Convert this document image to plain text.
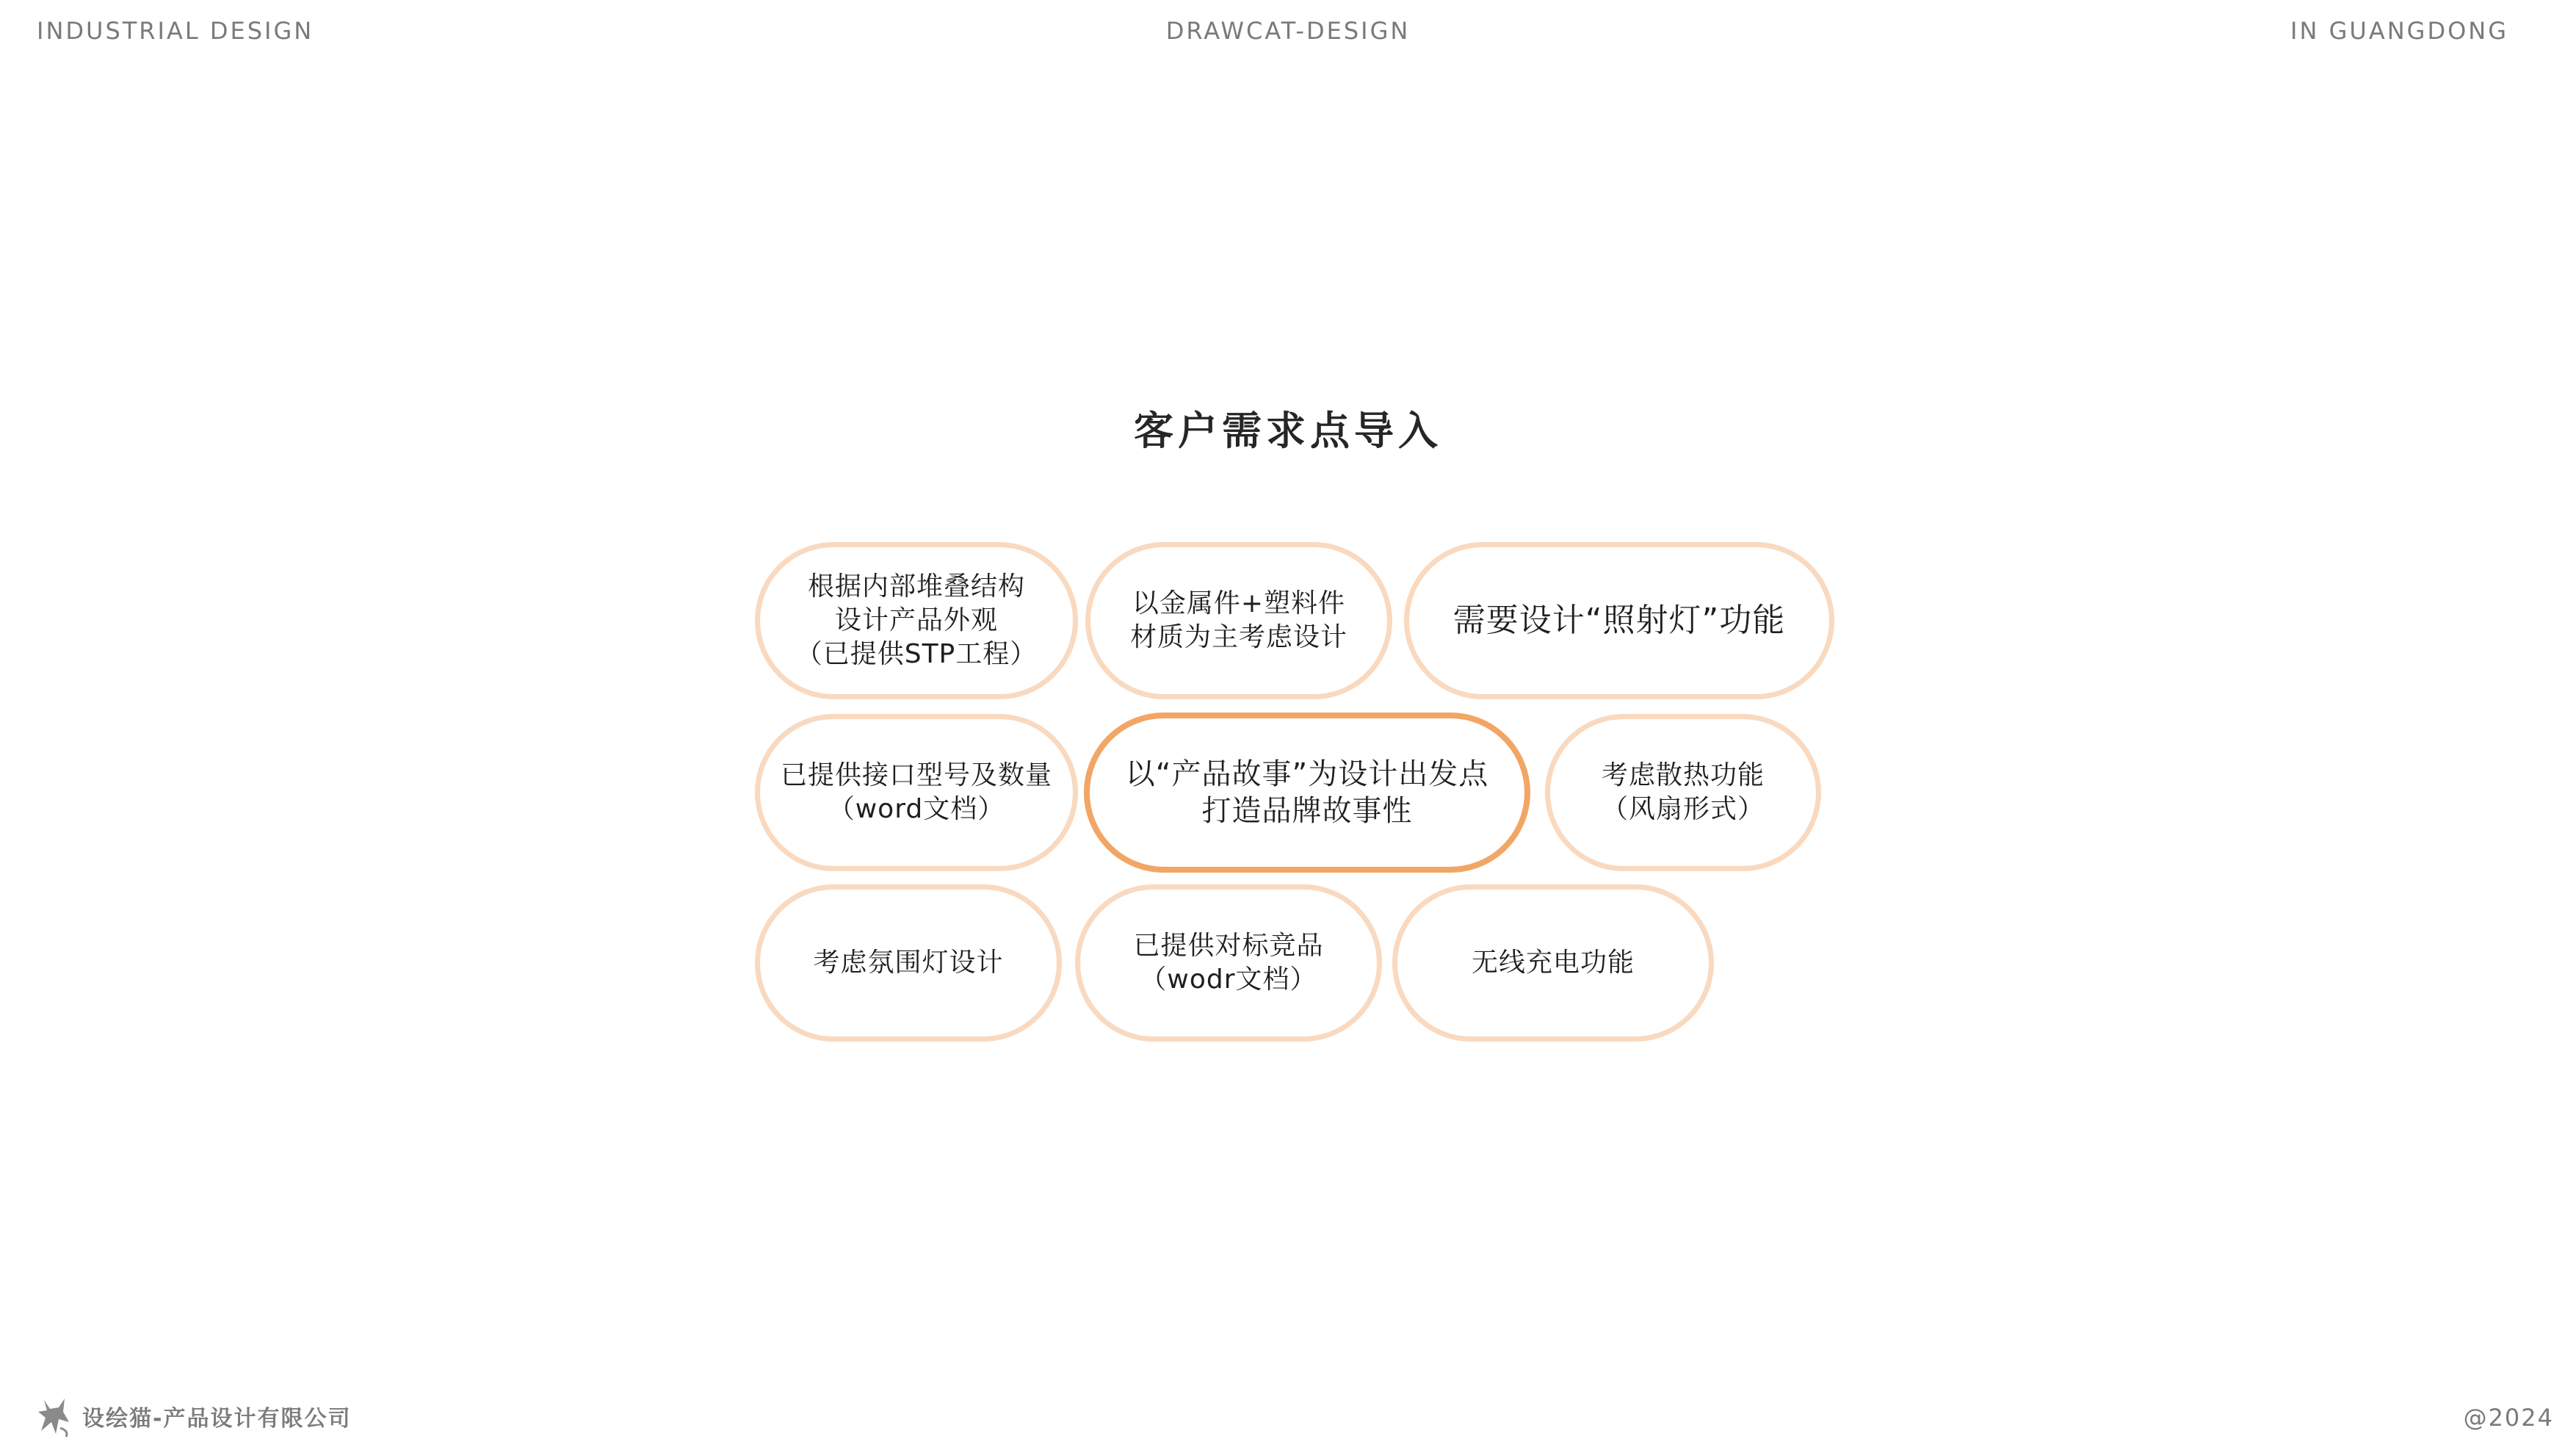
INDUSTRIAL DESIGN	DRAWCAT-DESIGN	IN GUANGDONG
客户需求点导入
根据内部堆叠结构
设计产品外观
（已提供STP工程）
以金属件+塑料件
材质为主考虑设计	需要设计“照射灯”功能
已提供接口型号及数量
（word文档）
以“产品故事”为设计出发点
打造品牌故事性
考虑散热功能
（风扇形式）
考虑氛围灯设计
已提供对标竞品
（wodr文档）
无线充电功能
设绘猫-产品设计有限公司	@2024
